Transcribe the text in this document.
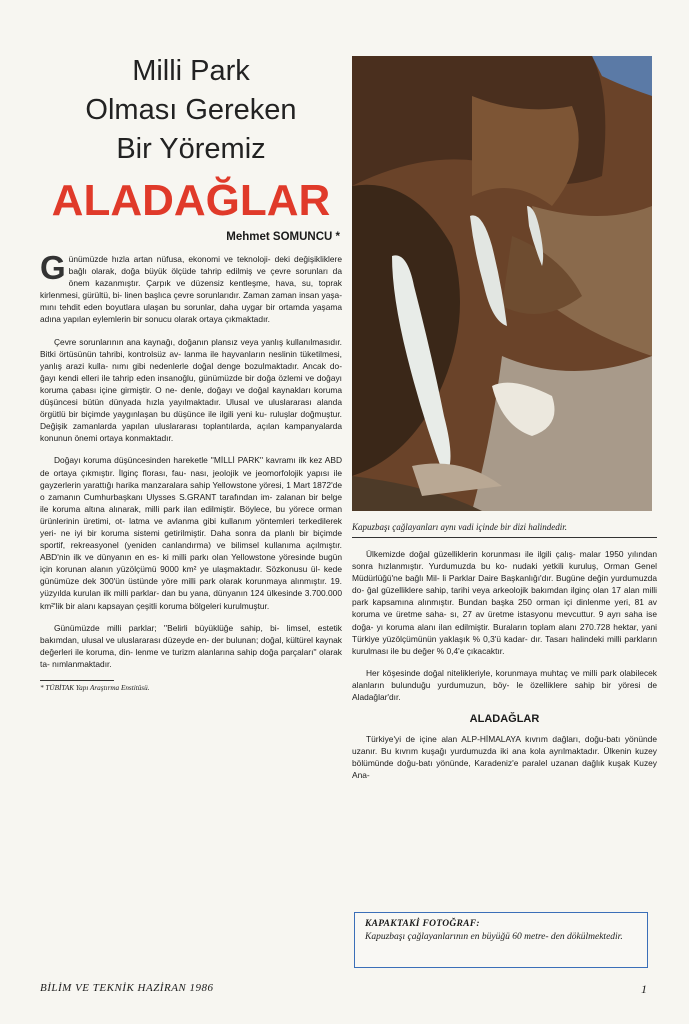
Milli Park
Olması Gereken
Bir Yöremiz
ALADAĞLAR
Mehmet SOMUNCU *

Günümüzde hızla artan nüfusa, ekonomi ve teknoloji- deki değişikliklere bağlı olarak, doğa büyük ölçüde tahrip edilmiş ve çevre sorunları da önem kazanmıştır. Çarpık ve düzensiz kentleşme, hava, su, toprak kirlenmesi, gürültü, bi- linen başlıca çevre sorunlarıdır. Zaman zaman insan yaşa- mını tehdit eden boyutlara ulaşan bu sorunlar, daha uygar bir ortamda yaşama adına yapılan eylemlerin bir sonucu olarak ortaya çıkmaktadır.

Çevre sorunlarının ana kaynağı, doğanın plansız veya yanlış kullanılmasıdır. Bitki örtüsünün tahribi, kontrolsüz av- lanma ile hayvanların neslinin tüketilmesi, yanlış arazi kulla- nımı gibi nedenlerle doğal denge bozulmaktadır. Ancak do- ğayı kendi elleri ile tahrip eden insanoğlu, günümüzde bir doğa özlemi ve doğayı koruma çabası içine girmiştir. O ne- denle, doğayı ve doğal kaynakları koruma düşüncesi bütün dünyada hızla yayılmaktadır. Ulusal ve uluslararası alanda örgütlü bir biçimde yaygınlaşan bu düşünce ile ilgili yeni ku- ruluşlar doğmuştur. Değişik zamanlarda yapılan uluslararası toplantılarda, açılan kampanyalarda konunun önemi ortaya konmaktadır.

Doğayı koruma düşüncesinden hareketle ''MİLLİ PARK'' kavramı ilk kez ABD de ortaya çıkmıştır. İlginç florası, fau- nası, jeolojik ve jeomorfolojik yapısı ile gayzerlerin yarattığı harika manzaralara sahip Yellowstone yöresi, 1 Mart 1872'de o zamanın Cumhurbaşkanı Ulysses S.GRANT tarafından im- zalanan bir belge ile koruma altına alınarak, milli park ilan edilmiştir. Böylece, bu yörece orman ürünlerinin üretimi, ot- latma ve avlanma gibi kullanım yöntemleri terkedilerek yeri- ne iyi bir koruma sistemi getirilmiştir. Daha sonra da planlı bir biçimde sportif, rekreasyonel (yeniden canlandırma) ve bilimsel kullanıma açılmıştır. ABD'nin ilk ve dünyanın en es- ki milli parkı olan Yellowstone yöresinde bugün için korunan alanın yüzölçümü 9000 km² ye ulaşmaktadır. Sözkonusu ül- kede günümüze dek 300'ün üstünde yöre milli park olarak korunmaya alınmıştır. 19. yüzyılda kurulan ilk milli parklar- dan bu yana, dünyanın 124 ülkesinde 3.700.000 km²'lik bir alanı kapsayan çeşitli koruma bölgeleri kurulmuştur.

Günümüzde milli parklar; ''Belirli büyüklüğe sahip, bi- limsel, estetik bakımdan, ulusal ve uluslararası düzeyde en- der bulunan; doğal, kültürel kaynak değerleri ile koruma, din- lenme ve turizm alanlarına sahip doğa parçaları'' olarak ta- nımlanmaktadır.

* TÜBİTAK Yapı Araştırma Enstitüsü.
Kapuzbaşı çağlayanları aynı vadi içinde bir dizi halindedir.

Ülkemizde doğal güzelliklerin korunması ile ilgili çalış- malar 1950 yılından sonra hızlanmıştır. Yurdumuzda bu ko- nudaki yetkili kuruluş, Orman Genel Müdürlüğü'ne bağlı Mil- li Parklar Daire Başkanlığı'dır. Bugüne değin yurdumuzda do- ğal güzelliklere sahip, tarihi veya arkeolojik bakımdan ilginç olan 17 alan milli park kapsamına alınmıştır. Bundan başka 250 orman içi dinlenme yeri, 81 av koruma ve üretme saha- sı, 27 av üretme istasyonu mevcuttur. 9 ayrı saha ise doğa- yı koruma alanı ilan edilmiştir. Buraların toplam alanı 270.728 hektar, yani Türkiye yüzölçümünün yaklaşık % 0,3'ü kadar- dır. Tasarı halindeki milli parkların kurulması ile bu değer % 0,4'e çıkacaktır.

Her köşesinde doğal nitelikleriyle, korunmaya muhtaç ve milli park olabilecek alanların bulunduğu yurdumuzun, böy- le özelliklere sahip bir yöresi de Aladağlar'dır.

ALADAĞLAR

Türkiye'yi de içine alan ALP-HİMALAYA kıvrım dağları, doğu-batı yönünde uzanır. Bu kıvrım kuşağı yurdumuzda iki ana kola ayrılmaktadır. Ülkenin kuzey bölümünde doğu-batı yönünde, Karadeniz'e paralel uzanan dağlık kuşak Kuzey Ana-

KAPAKTAKİ FOTOĞRAF:
Kapuzbaşı çağlayanlarının en büyüğü 60 metre- den dökülmektedir.
BİLİM VE TEKNİK HAZİRAN 1986	1
